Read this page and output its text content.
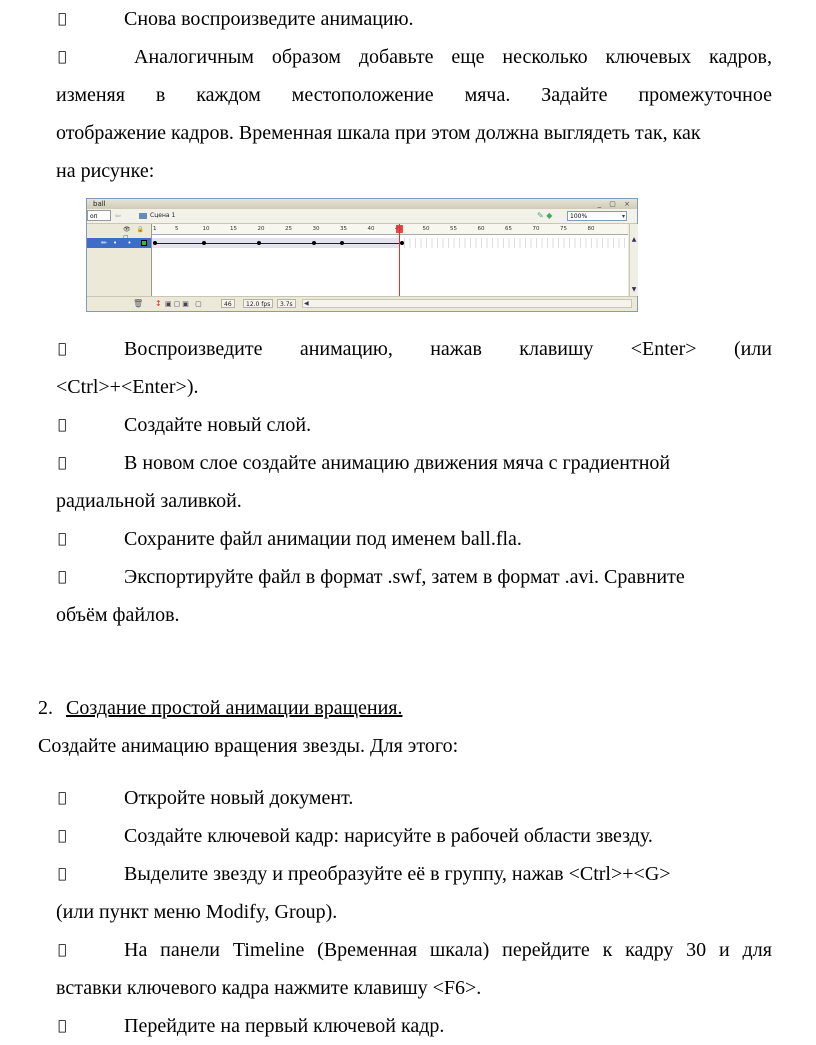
Снова воспроизведите анимацию.
Аналогичным образом добавьте еще несколько ключевых кадров,
изменяя в каждом местоположение мяча. Задайте промежуточное
отображение кадров. Временная шкала при этом должна выглядеть так, как
на рисунке:
ball	_ ▢ ×
оп	⇦	Сцена 1	✎ ◆	100%	▾
👁 🔒
✏ • •
1	5	10	15	20	25	30	35	40	50	55	60	65	70	75	80
▲
▼
🗑 ↕ ▣▢▣ ▢	46	12.0 fps	3.7s	◀
Воспроизведите анимацию, нажав клавишу <Enter> (или
<Ctrl>+<Enter>).
Создайте новый слой.
В новом слое создайте анимацию движения мяча с градиентной
радиальной заливкой.
Сохраните файл анимации под именем ball.fla.
Экспортируйте файл в формат .swf, затем в формат .avi. Сравните
объём файлов.
2. Создание простой анимации вращения.
Создайте анимацию вращения звезды. Для этого:
Откройте новый документ.
Создайте ключевой кадр: нарисуйте в рабочей области звезду.
Выделите звезду и преобразуйте её в группу, нажав <Ctrl>+<G>
(или пункт меню Modify, Group).
На панели Timeline (Временная шкала) перейдите к кадру 30 и для
вставки ключевого кадра нажмите клавишу <F6>.
Перейдите на первый ключевой кадр.
